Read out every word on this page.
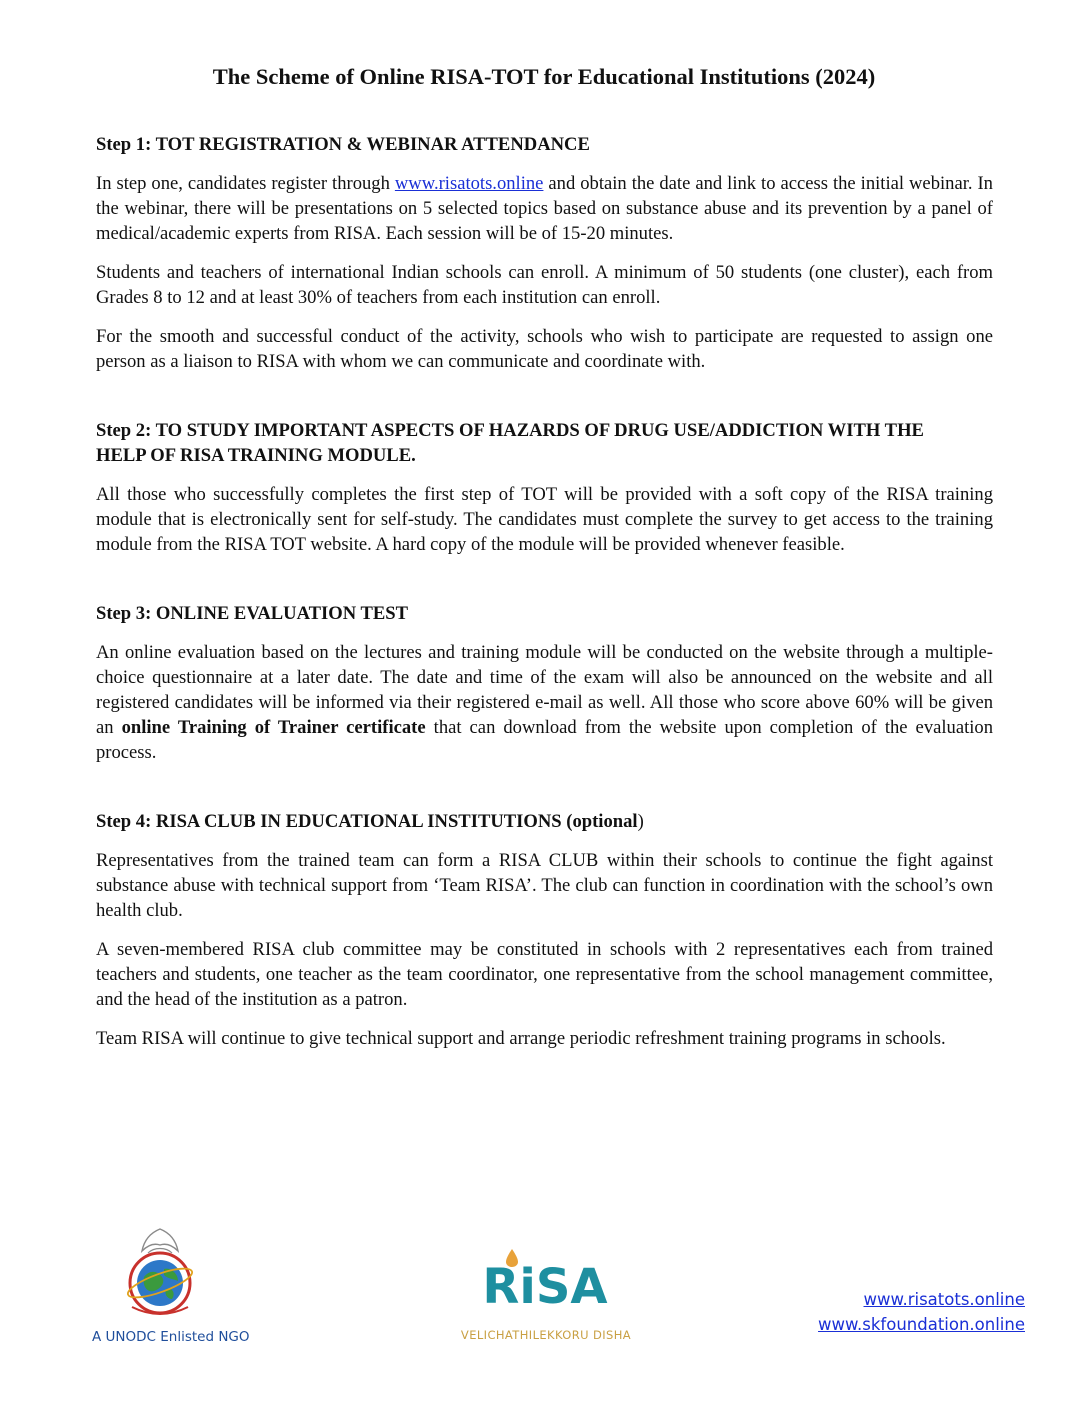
The Scheme of Online RISA-TOT for Educational Institutions (2024)

Step 1: TOT REGISTRATION & WEBINAR ATTENDANCE

In step one, candidates register through www.risatots.online and obtain the date and link to access the initial webinar. In the webinar, there will be presentations on 5 selected topics based on substance abuse and its prevention by a panel of medical/academic experts from RISA. Each session will be of 15-20 minutes.

Students and teachers of international Indian schools can enroll. A minimum of 50 students (one cluster), each from Grades 8 to 12 and at least 30% of teachers from each institution can enroll.

For the smooth and successful conduct of the activity, schools who wish to participate are requested to assign one person as a liaison to RISA with whom we can communicate and coordinate with.

Step 2: TO STUDY IMPORTANT ASPECTS OF HAZARDS OF DRUG USE/ADDICTION WITH THE HELP OF RISA TRAINING MODULE.

All those who successfully completes the first step of TOT will be provided with a soft copy of the RISA training module that is electronically sent for self-study. The candidates must complete the survey to get access to the training module from the RISA TOT website. A hard copy of the module will be provided whenever feasible.

Step 3: ONLINE EVALUATION TEST

An online evaluation based on the lectures and training module will be conducted on the website through a multiple-choice questionnaire at a later date. The date and time of the exam will also be announced on the website and all registered candidates will be informed via their registered e-mail as well. All those who score above 60% will be given an online Training of Trainer certificate that can download from the website upon completion of the evaluation process.

Step 4: RISA CLUB IN EDUCATIONAL INSTITUTIONS (optional)

Representatives from the trained team can form a RISA CLUB within their schools to continue the fight against substance abuse with technical support from ‘Team RISA’. The club can function in coordination with the school’s own health club.

A seven-membered RISA club committee may be constituted in schools with 2 representatives each from trained teachers and students, one teacher as the team coordinator, one representative from the school management committee, and the head of the institution as a patron.

Team RISA will continue to give technical support and arrange periodic refreshment training programs in schools.

A UNODC Enlisted NGO
RiSA
VELICHATHILEKKORU DISHA
www.risatots.online
www.skfoundation.online
